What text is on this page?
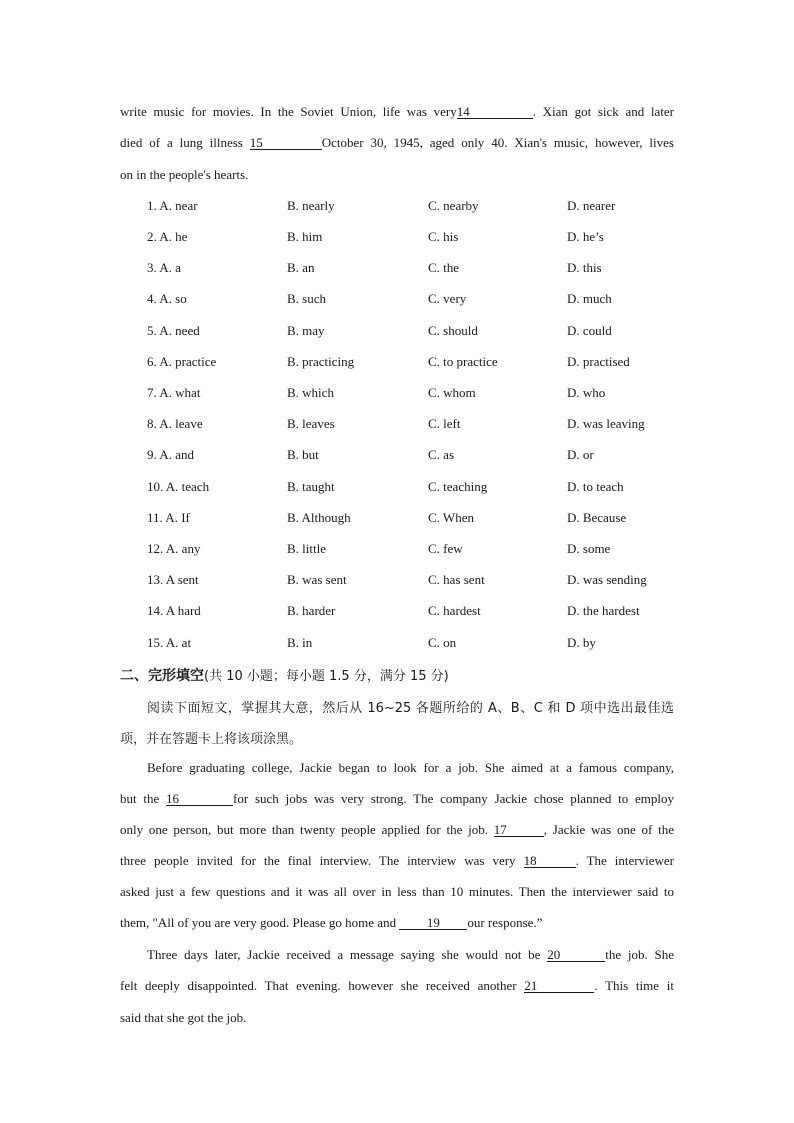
write music for movies. In the Soviet Union, life was very14	. Xian got sick and later
died of a lung illness 15	October 30, 1945, aged only 40. Xian's music, however, lives
on in the people's hearts.
1. A. near	B. nearly	C. nearby	D. nearer
2. A. he	B. him	C. his	D. he’s
3. A. a	B. an	C. the	D. this
4. A. so	B. such	C. very	D. much
5. A. need	B. may	C. should	D. could
6. A. practice	B. practicing	C. to practice	D. practised
7. A. what	B. which	C. whom	D. who
8. A. leave	B. leaves	C. left	D. was leaving
9. A. and	B. but	C. as	D. or
10. A. teach	B. taught	C. teaching	D. to teach
11. A. If	B. Although	C. When	D. Because
12. A. any	B. little	C. few	D. some
13. A sent	B. was sent	C. has sent	D. was sending
14. A hard	B. harder	C. hardest	D. the hardest
15. A. at	B. in	C. on	D. by
二、完形填空(共 10 小题；每小题 1.5 分，满分 15 分)
阅读下面短文，掌握其大意，然后从 16~25 各题所给的 A、B、C 和 D 项中选出最佳选
项，并在答题卡上将该项涂黑。
Before graduating college, Jackie began to look for a job. She aimed at a famous company,
but the 16	for such jobs was very strong. The company Jackie chose planned to employ
only one person, but more than twenty people applied for the job. 17	, Jackie was one of the
three people invited for the final interview. The interview was very 18	. The interviewer
asked just a few questions and it was all over in less than 10 minutes. Then the interviewer said to
them, "All of you are very good. Please go home and 19 our response.”
Three days later, Jackie received a message saying she would not be 20	the job. She
felt deeply disappointed. That evening. however she received another 21	. This time it
said that she got the job.
